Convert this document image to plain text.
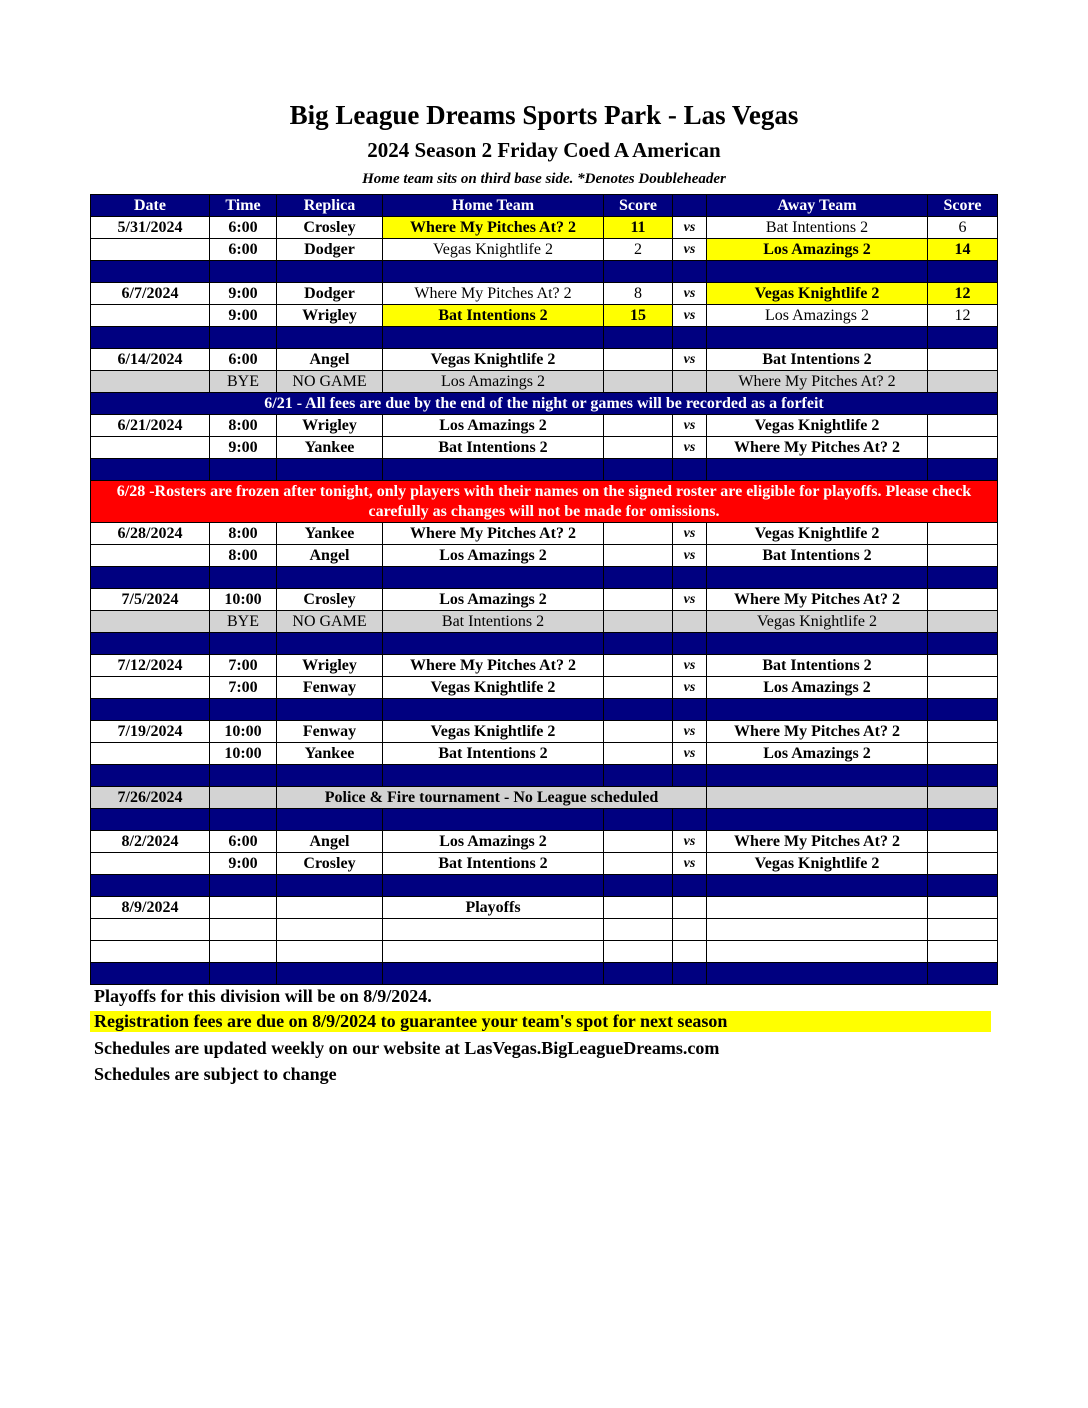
Big League Dreams Sports Park - Las Vegas
2024 Season 2 Friday Coed A American
Home team sits on third base side. *Denotes Doubleheader
Date	Time	Replica	Home Team	Score		Away Team	Score
5/31/2024	6:00	Crosley	Where My Pitches At? 2	11	vs	Bat Intentions 2	6
	6:00	Dodger	Vegas Knightlife 2	2	vs	Los Amazings 2	14

6/7/2024	9:00	Dodger	Where My Pitches At? 2	8	vs	Vegas Knightlife 2	12
	9:00	Wrigley	Bat Intentions 2	15	vs	Los Amazings 2	12

6/14/2024	6:00	Angel	Vegas Knightlife 2		vs	Bat Intentions 2	
	BYE	NO GAME	Los Amazings 2			Where My Pitches At? 2	
6/21 - All fees are due by the end of the night or games will be recorded as a forfeit							
6/21/2024	8:00	Wrigley	Los Amazings 2		vs	Vegas Knightlife 2	
	9:00	Yankee	Bat Intentions 2		vs	Where My Pitches At? 2	

6/28 -Rosters are frozen after tonight, only players with their names on the signed roster are eligible for playoffs. Please check carefully as changes will not be made for omissions.							
6/28/2024	8:00	Yankee	Where My Pitches At? 2		vs	Vegas Knightlife 2	
	8:00	Angel	Los Amazings 2		vs	Bat Intentions 2	

7/5/2024	10:00	Crosley	Los Amazings 2		vs	Where My Pitches At? 2	
	BYE	NO GAME	Bat Intentions 2			Vegas Knightlife 2	

7/12/2024	7:00	Wrigley	Where My Pitches At? 2		vs	Bat Intentions 2	
	7:00	Fenway	Vegas Knightlife 2		vs	Los Amazings 2	

7/19/2024	10:00	Fenway	Vegas Knightlife 2		vs	Where My Pitches At? 2	
	10:00	Yankee	Bat Intentions 2		vs	Los Amazings 2	

7/26/2024		Police & Fire tournament - No League scheduled					

8/2/2024	6:00	Angel	Los Amazings 2		vs	Where My Pitches At? 2	
	9:00	Crosley	Bat Intentions 2		vs	Vegas Knightlife 2	

8/9/2024			Playoffs				

Playoffs for this division will be on 8/9/2024.
Registration fees are due on 8/9/2024 to guarantee your team's spot for next season
Schedules are updated weekly on our website at LasVegas.BigLeagueDreams.com
Schedules are subject to change
